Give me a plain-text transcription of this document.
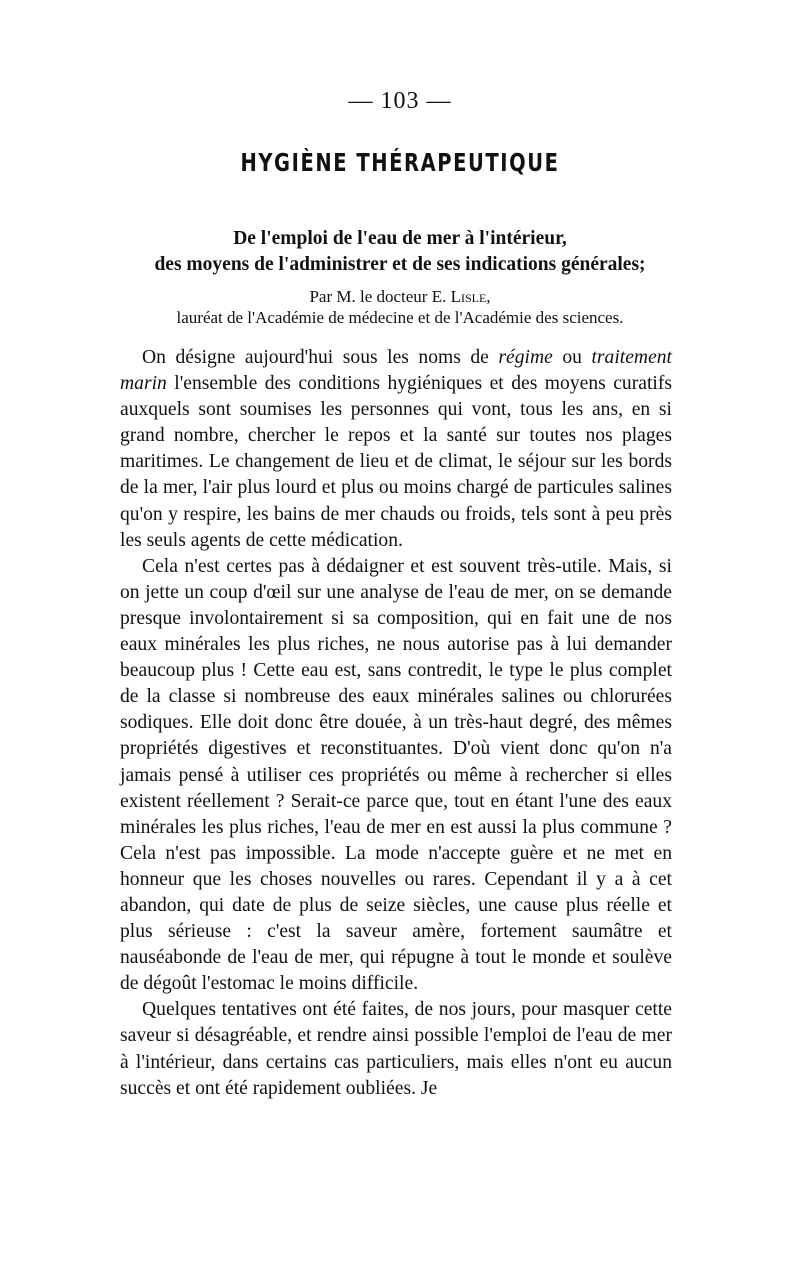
— 103 —
HYGIÈNE THÉRAPEUTIQUE
De l'emploi de l'eau de mer à l'intérieur,
des moyens de l'administrer et de ses indications générales;
Par M. le docteur E. Lisle,
lauréat de l'Académie de médecine et de l'Académie des sciences.

On désigne aujourd'hui sous les noms de régime ou traitement marin l'ensemble des conditions hygiéniques et des moyens curatifs auxquels sont soumises les personnes qui vont, tous les ans, en si grand nombre, chercher le repos et la santé sur toutes nos plages maritimes. Le changement de lieu et de climat, le séjour sur les bords de la mer, l'air plus lourd et plus ou moins chargé de particules salines qu'on y respire, les bains de mer chauds ou froids, tels sont à peu près les seuls agents de cette médication.

Cela n'est certes pas à dédaigner et est souvent très-utile. Mais, si on jette un coup d'œil sur une analyse de l'eau de mer, on se demande presque involontairement si sa composition, qui en fait une de nos eaux minérales les plus riches, ne nous autorise pas à lui demander beaucoup plus ! Cette eau est, sans contredit, le type le plus complet de la classe si nombreuse des eaux minérales salines ou chlorurées sodiques. Elle doit donc être douée, à un très-haut degré, des mêmes propriétés digestives et reconstituantes. D'où vient donc qu'on n'a jamais pensé à utiliser ces propriétés ou même à rechercher si elles existent réellement ? Serait-ce parce que, tout en étant l'une des eaux minérales les plus riches, l'eau de mer en est aussi la plus commune ? Cela n'est pas impossible. La mode n'accepte guère et ne met en honneur que les choses nouvelles ou rares. Cependant il y a à cet abandon, qui date de plus de seize siècles, une cause plus réelle et plus sérieuse : c'est la saveur amère, fortement saumâtre et nauséabonde de l'eau de mer, qui répugne à tout le monde et soulève de dégoût l'estomac le moins difficile.

Quelques tentatives ont été faites, de nos jours, pour masquer cette saveur si désagréable, et rendre ainsi possible l'emploi de l'eau de mer à l'intérieur, dans certains cas particuliers, mais elles n'ont eu aucun succès et ont été rapidement oubliées. Je
